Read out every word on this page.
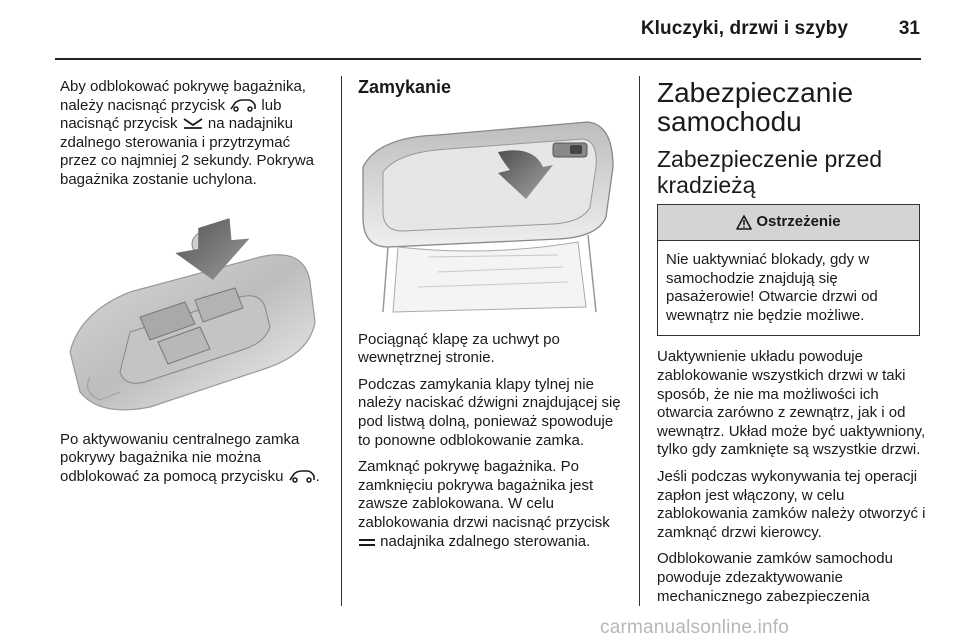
Kluczyki, drzwi i szyby	31

Aby odblokować pokrywę bagażnika, należy nacisnąć przycisk lub nacisnąć przycisk na nadajniku zdalnego sterowania i przytrzymać przez co najmniej 2 sekundy. Pokrywa bagażnika zostanie uchylona.

Po aktywowaniu centralnego zamka pokrywy bagażnika nie można odblokować za pomocą przycisku .

Zamykanie

Pociągnąć klapę za uchwyt po wewnętrznej stronie.

Podczas zamykania klapy tylnej nie należy naciskać dźwigni znajdującej się pod listwą dolną, ponieważ spowoduje to ponowne odblokowanie zamka.

Zamknąć pokrywę bagażnika. Po zamknięciu pokrywa bagażnika jest zawsze zablokowana. W celu zablokowania drzwi nacisnąć przycisk  nadajnika zdalnego sterowania.

Zabezpieczanie samochodu
Zabezpieczenie przed kradzieżą
Ostrzeżenie
Nie uaktywniać blokady, gdy w samochodzie znajdują się pasażerowie! Otwarcie drzwi od wewnątrz nie będzie możliwe.

Uaktywnienie układu powoduje zablokowanie wszystkich drzwi w taki sposób, że nie ma możliwości ich otwarcia zarówno z zewnątrz, jak i od wewnątrz. Układ może być uaktywniony, tylko gdy zamknięte są wszystkie drzwi.

Jeśli podczas wykonywania tej operacji zapłon jest włączony, w celu zablokowania zamków należy otworzyć i zamknąć drzwi kierowcy.

Odblokowanie zamków samochodu powoduje zdezaktywowanie mechanicznego zabezpieczenia

carmanualsonline.info
